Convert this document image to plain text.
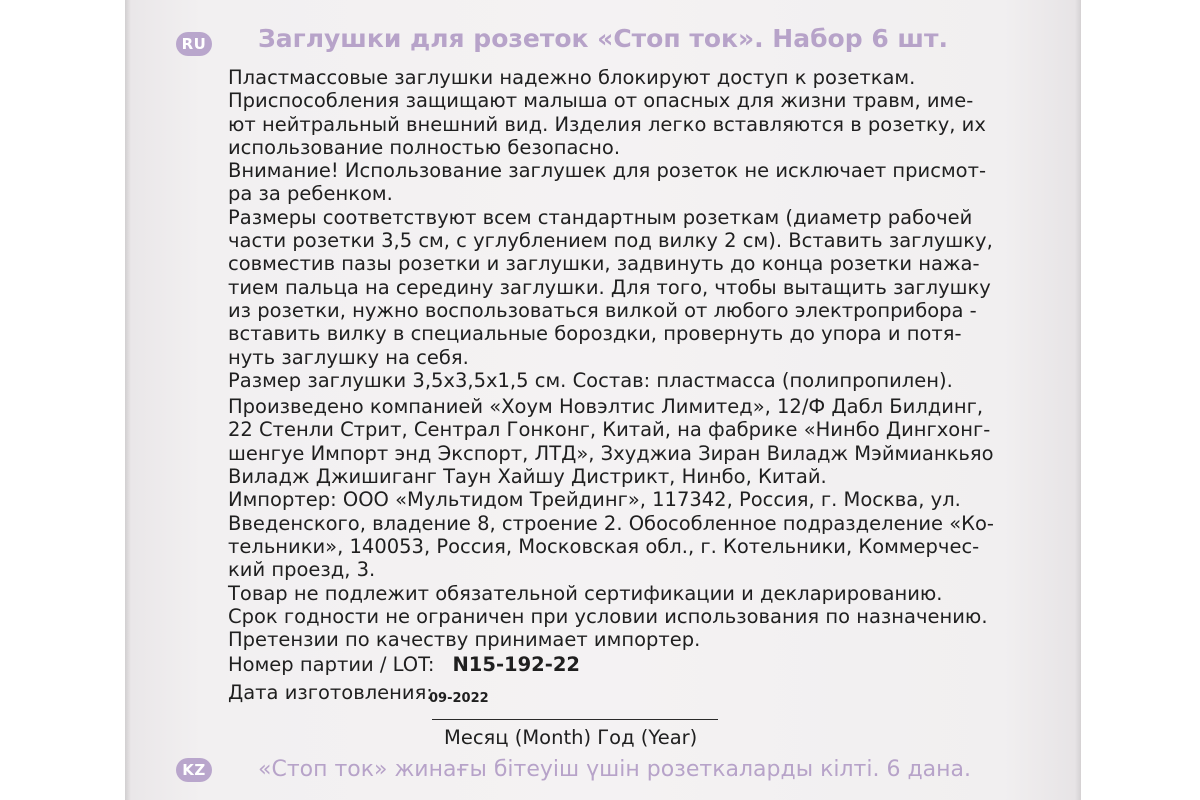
RU Заглушки для розеток «Стоп ток». Набор 6 шт.
Пластмассовые заглушки надежно блокируют доступ к розеткам.
Приспособления защищают малыша от опасных для жизни травм, име-
ют нейтральный внешний вид. Изделия легко вставляются в розетку, их
использование полностью безопасно.
Внимание! Использование заглушек для розеток не исключает присмот-
ра за ребенком.
Размеры соответствуют всем стандартным розеткам (диаметр рабочей
части розетки 3,5 см, с углублением под вилку 2 см). Вставить заглушку,
совместив пазы розетки и заглушки, задвинуть до конца розетки нажа-
тием пальца на середину заглушки. Для того, чтобы вытащить заглушку
из розетки, нужно воспользоваться вилкой от любого электроприбора -
вставить вилку в специальные бороздки, провернуть до упора и потя-
нуть заглушку на себя.
Размер заглушки 3,5х3,5х1,5 см. Состав: пластмасса (полипропилен).
Произведено компанией «Хоум Новэлтис Лимитед», 12/Ф Дабл Билдинг,
22 Стенли Стрит, Сентрал Гонконг, Китай, на фабрике «Нинбо Дингхонг-
шенгуе Импорт энд Экспорт, ЛТД», Зхуджиа Зиран Виладж Мэймианкьяо
Виладж Джишиганг Таун Хайшу Дистрикт, Нинбо, Китай.
Импортер: ООО «Мультидом Трейдинг», 117342, Россия, г. Москва, ул.
Введенского, владение 8, строение 2. Обособленное подразделение «Ко-
тельники», 140053, Россия, Московская обл., г. Котельники, Коммерчес-
кий проезд, 3.
Товар не подлежит обязательной сертификации и декларированию.
Срок годности не ограничен при условии использования по назначению.
Претензии по качеству принимает импортер.
Номер партии / LOT: N15-192-22
Дата изготовления:
09-2022
Месяц (Month) Год (Year)
KZ «Стоп ток» жинағы бітеуіш үшін розеткаларды кілті. 6 дана.
